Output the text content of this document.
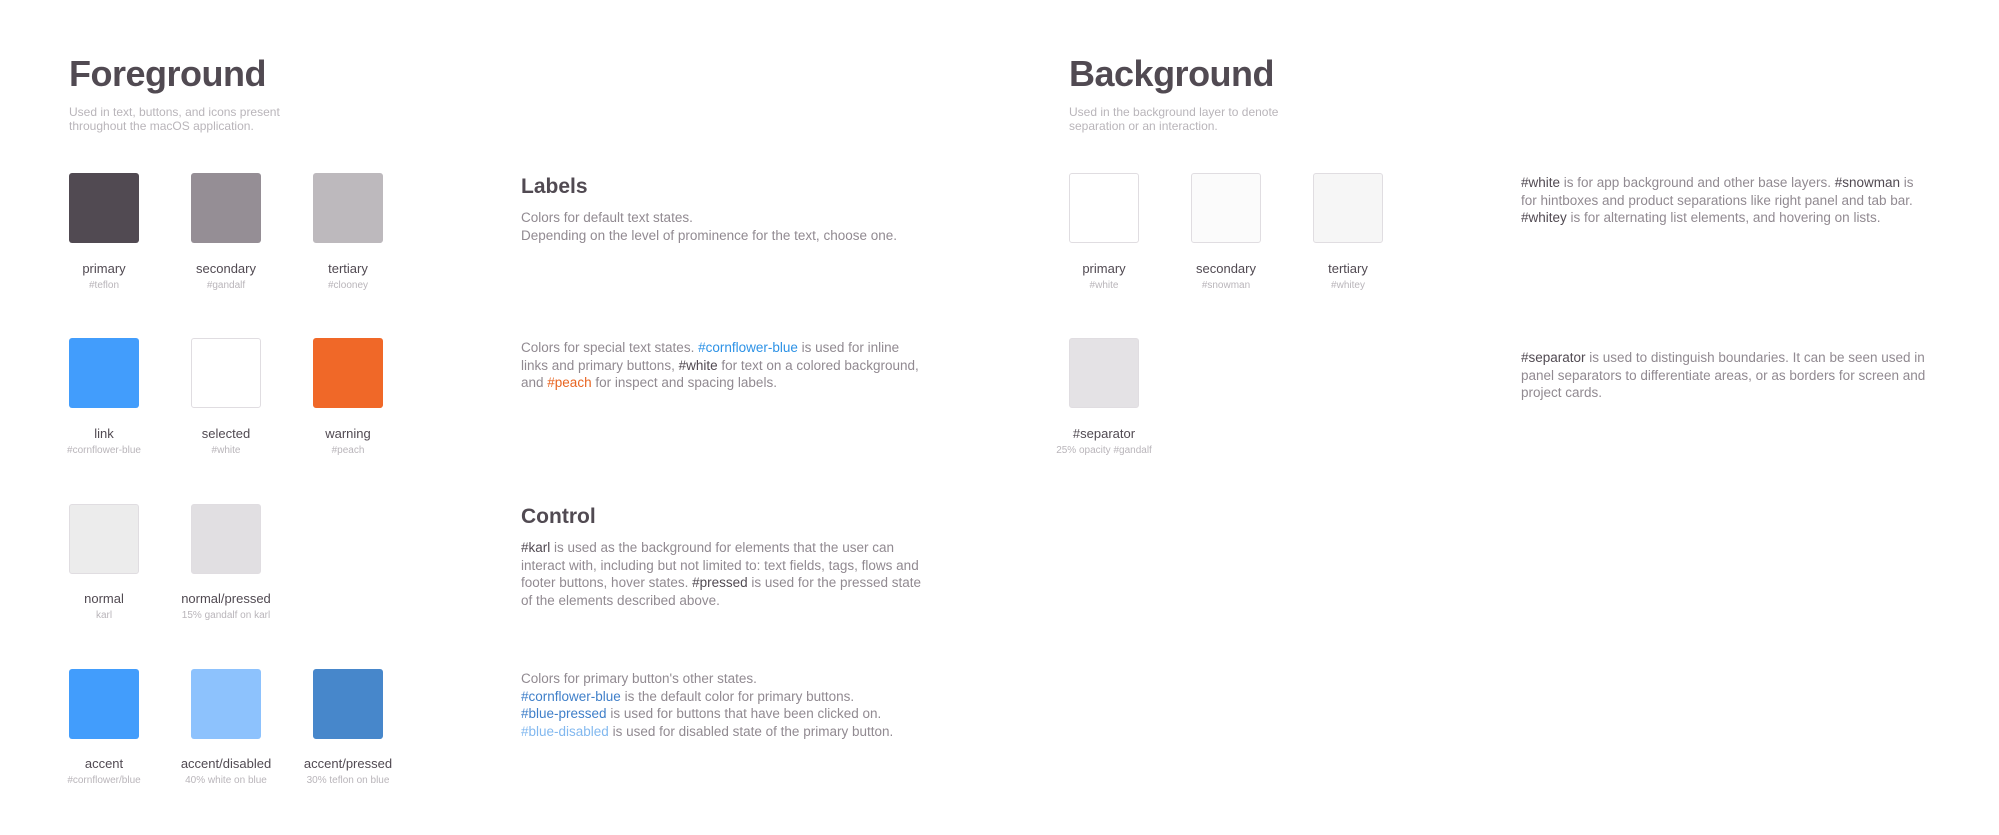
Foreground
Used in text, buttons, and icons present
throughout the macOS application.
primary
#teflon
secondary
#gandalf
tertiary
#clooney
link
#cornflower-blue
selected
#white
warning
#peach
normal
karl
normal/pressed
15% gandalf on karl
accent
#cornflower/blue
accent/disabled
40% white on blue
accent/pressed
30% teflon on blue
Labels
Colors for default text states.
Depending on the level of prominence for the text, choose one.
Colors for special text states. #cornflower-blue is used for inline
links and primary buttons, #white for text on a colored background,
and #peach for inspect and spacing labels.
Control
#karl is used as the background for elements that the user can
interact with, including but not limited to: text fields, tags, flows and
footer buttons, hover states. #pressed is used for the pressed state
of the elements described above.
Colors for primary button's other states.
#cornflower-blue is the default color for primary buttons.
#blue-pressed is used for buttons that have been clicked on.
#blue-disabled is used for disabled state of the primary button.
Background
Used in the background layer to denote
separation or an interaction.
primary
#white
secondary
#snowman
tertiary
#whitey
#separator
25% opacity #gandalf
#white is for app background and other base layers. #snowman is
for hintboxes and product separations like right panel and tab bar.
#whitey is for alternating list elements, and hovering on lists.
#separator is used to distinguish boundaries. It can be seen used in
panel separators to differentiate areas, or as borders for screen and
project cards.
